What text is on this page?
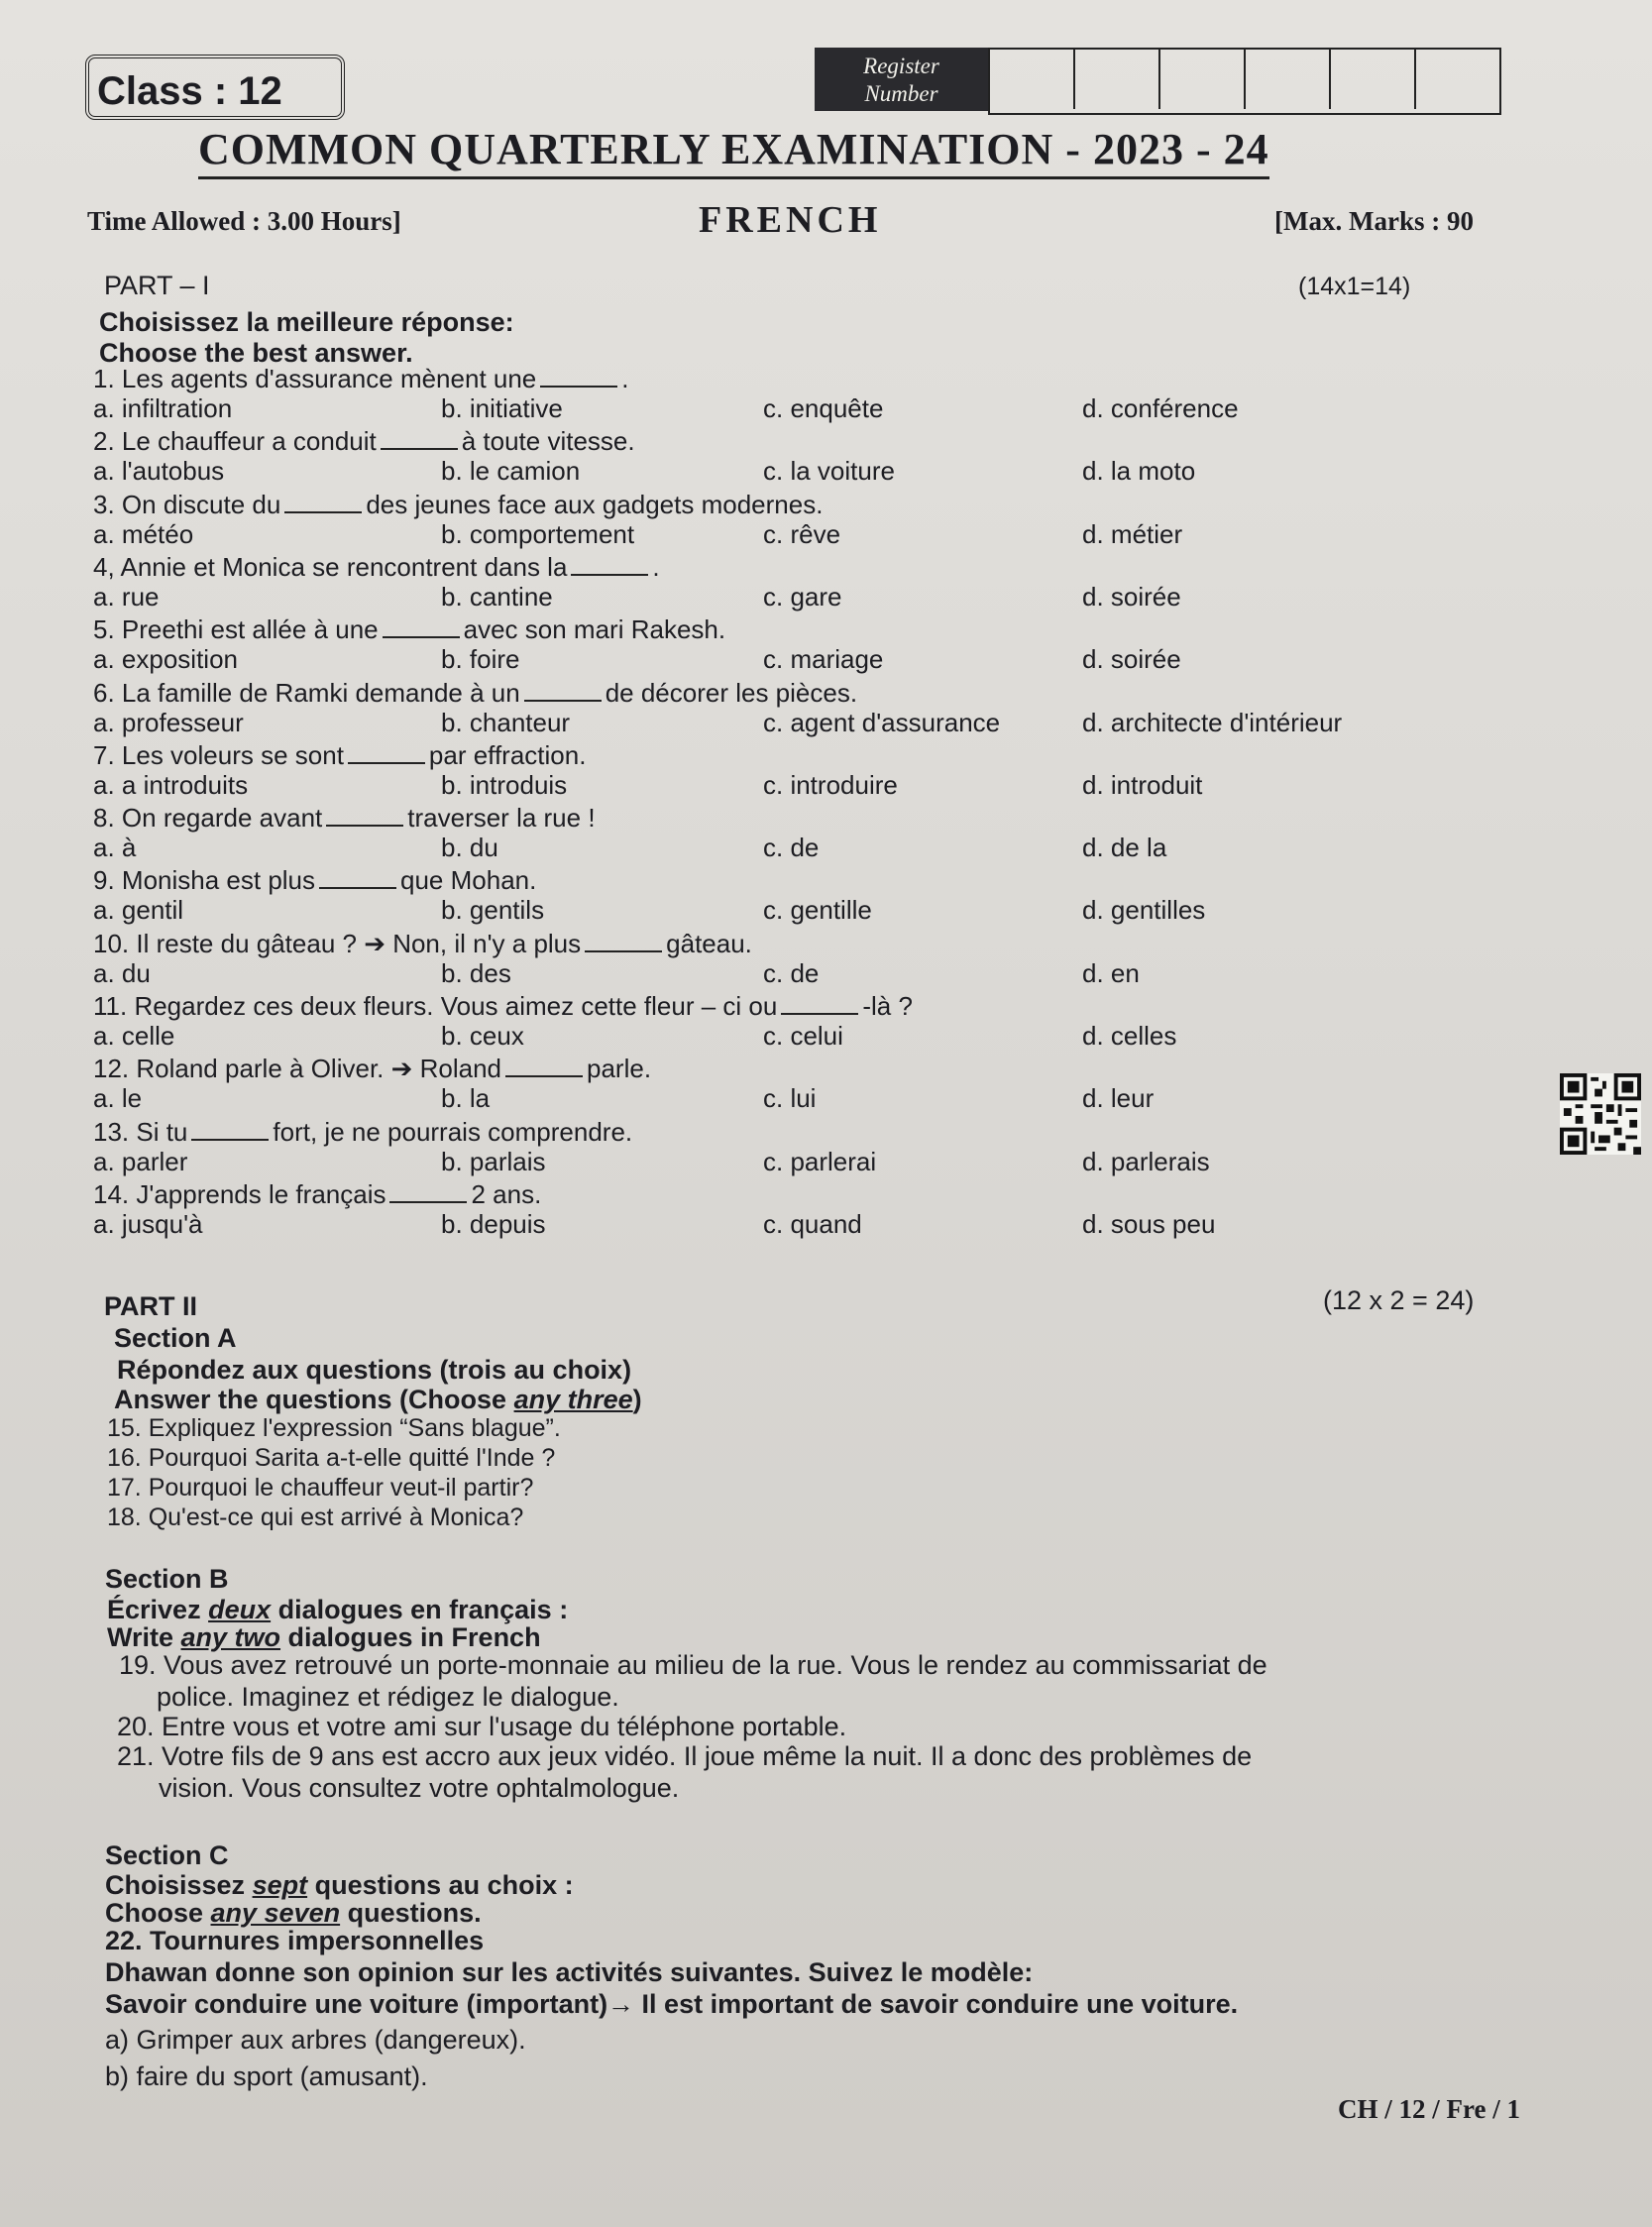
Class : 12
Register
Number
COMMON QUARTERLY EXAMINATION - 2023 - 24
Time Allowed : 3.00 Hours]	FRENCH	[Max. Marks : 90
PART – I	(14x1=14)
Choisissez la meilleure réponse:
Choose the best answer.
1. Les agents d'assurance mènent une	.
a. infiltration	b. initiative	c. enquête	d. conférence
2. Le chauffeur a conduit	à toute vitesse.
a. l'autobus	b. le camion	c. la voiture	d. la moto
3. On discute du	des jeunes face aux gadgets modernes.
a. météo	b. comportement	c. rêve	d. métier
4, Annie et Monica se rencontrent dans la	.
a. rue	b. cantine	c. gare	d. soirée
5. Preethi est allée à une	avec son mari Rakesh.
a. exposition	b. foire	c. mariage	d. soirée
6. La famille de Ramki demande à un	de décorer les pièces.
a. professeur	b. chanteur	c. agent d'assurance	d. architecte d'intérieur
7. Les voleurs se sont	par effraction.
a. a introduits	b. introduis	c. introduire	d. introduit
8. On regarde avant	traverser la rue !
a. à	b. du	c. de	d. de la
9. Monisha est plus	que Mohan.
a. gentil	b. gentils	c. gentille	d. gentilles
10. Il reste du gâteau ? ➔ Non, il n'y a plus	gâteau.
a. du	b. des	c. de	d. en
11. Regardez ces deux fleurs. Vous aimez cette fleur – ci ou	-là ?
a. celle	b. ceux	c. celui	d. celles
12. Roland parle à Oliver. ➔ Roland	parle.
a. le	b. la	c. lui	d. leur
13. Si tu	fort, je ne pourrais comprendre.
a. parler	b. parlais	c. parlerai	d. parlerais
14. J'apprends le français	2 ans.
a. jusqu'à	b. depuis	c. quand	d. sous peu
PART II	(12 x 2 = 24)
Section A
Répondez aux questions (trois au choix)
Answer the questions (Choose any three)
15. Expliquez l'expression “Sans blague”.
16. Pourquoi Sarita a-t-elle quitté l'Inde ?
17. Pourquoi le chauffeur veut-il partir?
18. Qu'est-ce qui est arrivé à Monica?
Section B
Écrivez deux dialogues en français :
Write any two dialogues in French
19. Vous avez retrouvé un porte-monnaie au milieu de la rue. Vous le rendez au commissariat de
police. Imaginez et rédigez le dialogue.
20. Entre vous et votre ami sur l'usage du téléphone portable.
21. Votre fils de 9 ans est accro aux jeux vidéo. Il joue même la nuit. Il a donc des problèmes de
vision. Vous consultez votre ophtalmologue.
Section C
Choisissez sept questions au choix :
Choose any seven questions.
22. Tournures impersonnelles
Dhawan donne son opinion sur les activités suivantes. Suivez le modèle:
Savoir conduire une voiture (important)→ Il est important de savoir conduire une voiture.
a) Grimper aux arbres (dangereux).
b) faire du sport (amusant).
CH / 12 / Fre / 1
